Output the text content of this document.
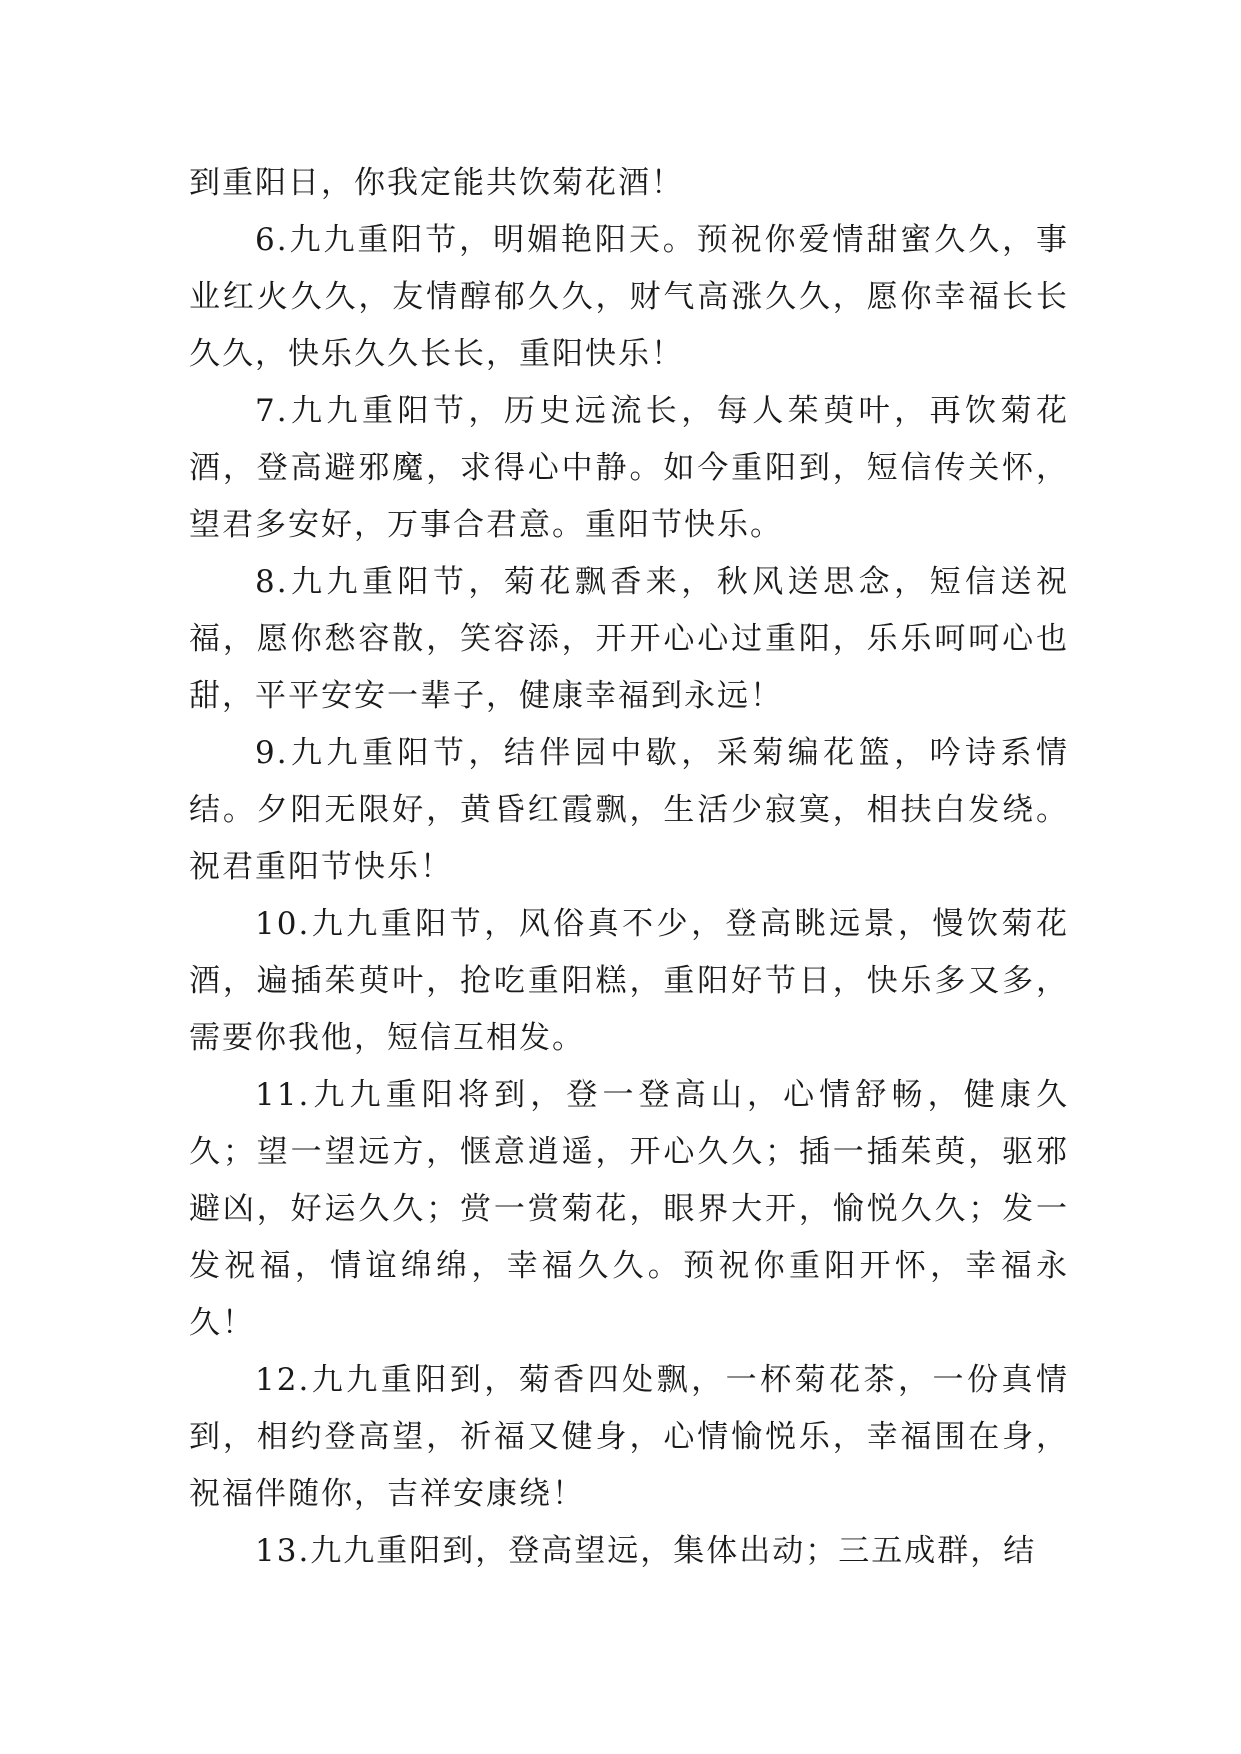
到重阳日，你我定能共饮菊花酒！

6.九九重阳节，明媚艳阳天。预祝你爱情甜蜜久久，事业红火久久，友情醇郁久久，财气高涨久久，愿你幸福长长久久，快乐久久长长，重阳快乐！

7.九九重阳节，历史远流长，每人茱萸叶，再饮菊花酒，登高避邪魔，求得心中静。如今重阳到，短信传关怀，望君多安好，万事合君意。重阳节快乐。

8.九九重阳节，菊花飘香来，秋风送思念，短信送祝福，愿你愁容散，笑容添，开开心心过重阳，乐乐呵呵心也甜，平平安安一辈子，健康幸福到永远！

9.九九重阳节，结伴园中歇，采菊编花篮，吟诗系情结。夕阳无限好，黄昏红霞飘，生活少寂寞，相扶白发绕。祝君重阳节快乐！

10.九九重阳节，风俗真不少，登高眺远景，慢饮菊花酒，遍插茱萸叶，抢吃重阳糕，重阳好节日，快乐多又多，需要你我他，短信互相发。

11.九九重阳将到，登一登高山，心情舒畅，健康久久；望一望远方，惬意逍遥，开心久久；插一插茱萸，驱邪避凶，好运久久；赏一赏菊花，眼界大开，愉悦久久；发一发祝福，情谊绵绵，幸福久久。预祝你重阳开怀，幸福永久！

12.九九重阳到，菊香四处飘，一杯菊花茶，一份真情到，相约登高望，祈福又健身，心情愉悦乐，幸福围在身，祝福伴随你，吉祥安康绕！

13.九九重阳到，登高望远，集体出动；三五成群，结
